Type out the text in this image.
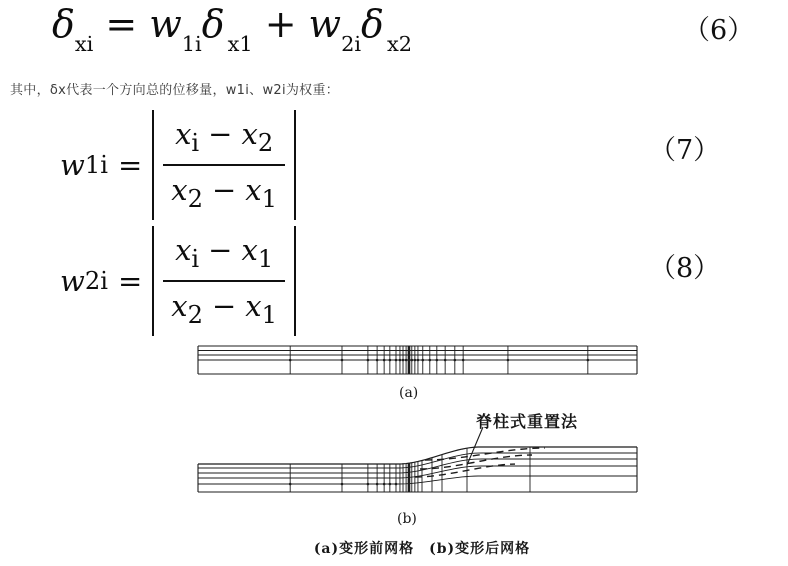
$\delta_{xi} = w_{1i}\delta$ $_{x1} + w_{2i}\delta$ $_{x2}$	（6）

其中，δx代表一个方向总的位移量，w1i、w2i为权重：

w $1i = \frac{x_i - x_2}{x_2 - x_1}$	（7）
w $2i = \frac{x_i - x_1}{x_2 - x_1}$	（8）
(a)
脊柱式重置法
(b)
(a)变形前网格　(b)变形后网格
